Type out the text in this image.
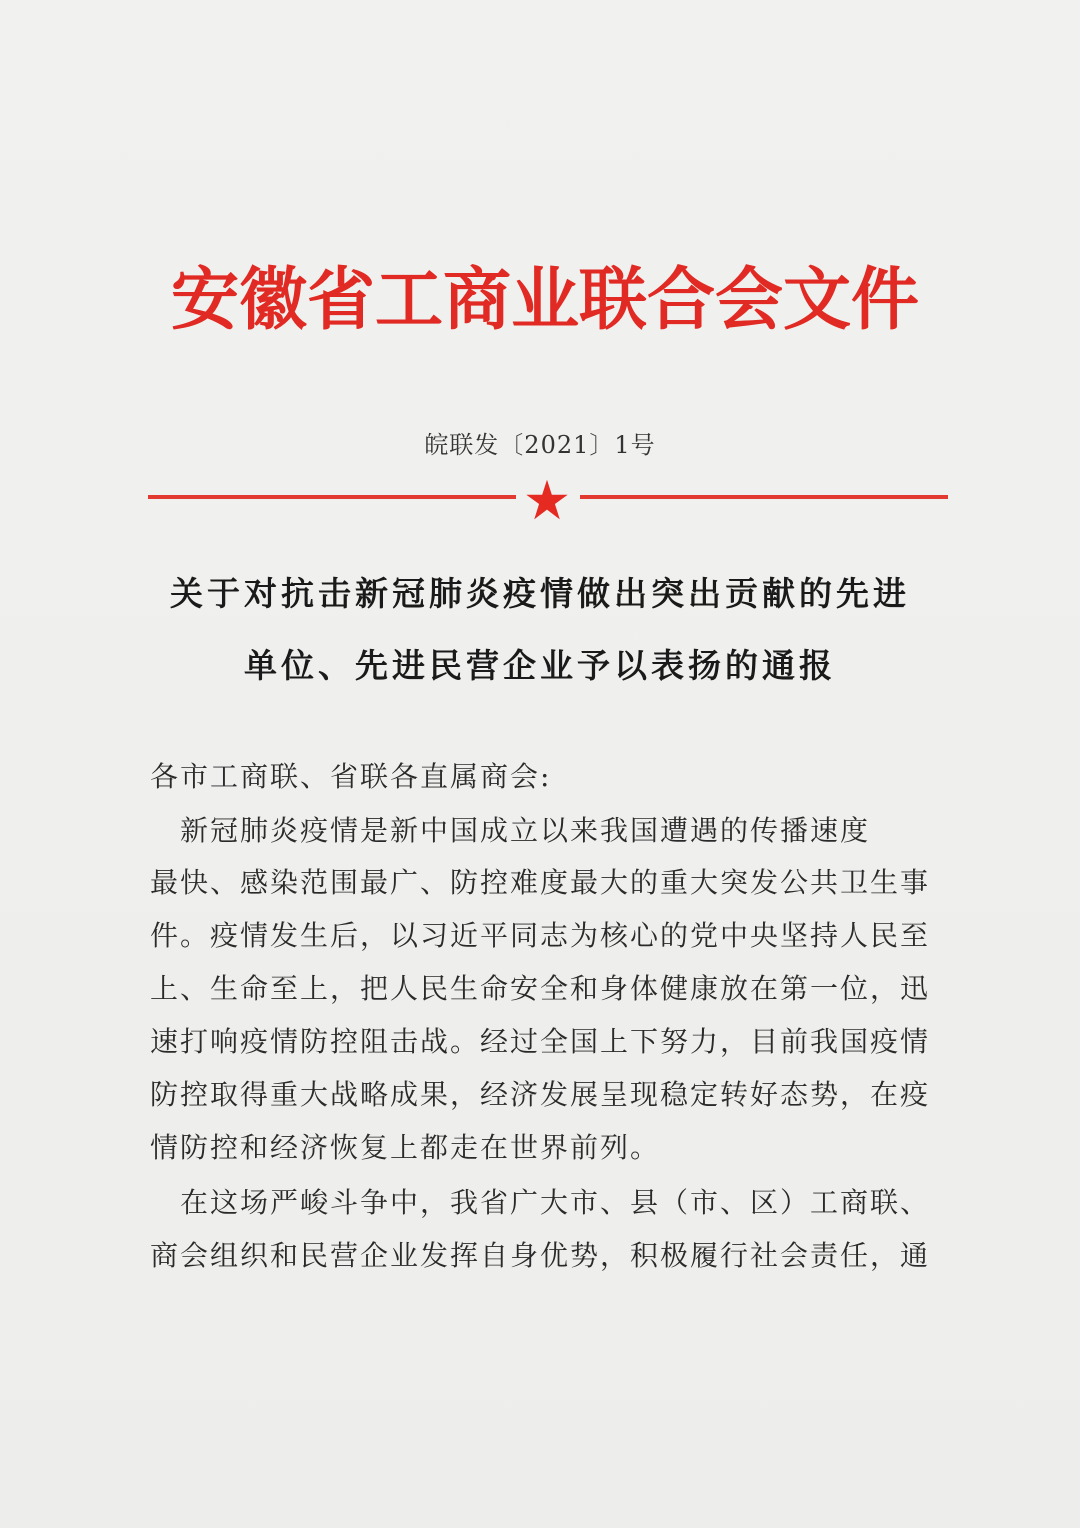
安徽省工商业联合会文件
皖联发〔2021〕1号
关于对抗击新冠肺炎疫情做出突出贡献的先进
单位、先进民营企业予以表扬的通报
各市工商联、省联各直属商会:
　新冠肺炎疫情是新中国成立以来我国遭遇的传播速度
最快、感染范围最广、防控难度最大的重大突发公共卫生事
件。疫情发生后，以习近平同志为核心的党中央坚持人民至
上、生命至上，把人民生命安全和身体健康放在第一位，迅
速打响疫情防控阻击战。经过全国上下努力，目前我国疫情
防控取得重大战略成果，经济发展呈现稳定转好态势，在疫
情防控和经济恢复上都走在世界前列。
　在这场严峻斗争中，我省广大市、县（市、区）工商联、
商会组织和民营企业发挥自身优势，积极履行社会责任，通
